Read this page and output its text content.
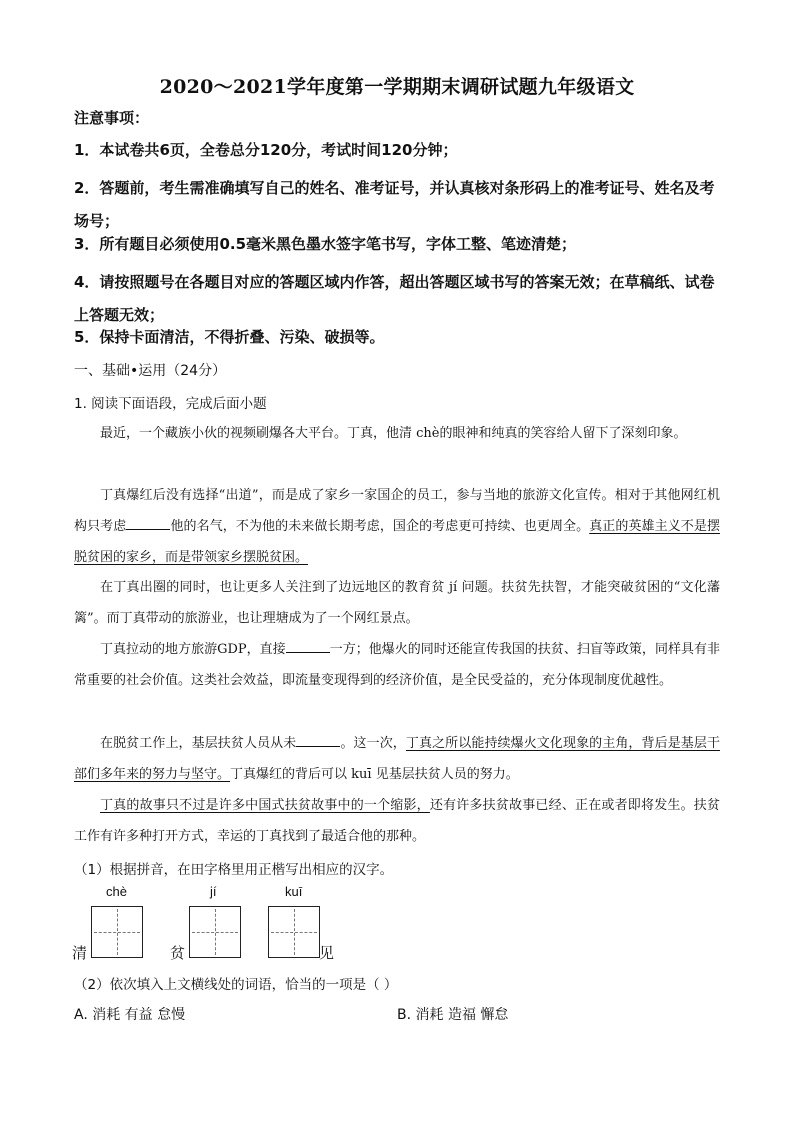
2020～2021学年度第一学期期末调研试题九年级语文
注意事项：
1．本试卷共6页，全卷总分120分，考试时间120分钟；
2．答题前，考生需准确填写自己的姓名、准考证号，并认真核对条形码上的准考证号、姓名及考场号；
3．所有题目必须使用0.5毫米黑色墨水签字笔书写，字体工整、笔迹清楚；
4．请按照题号在各题目对应的答题区域内作答，超出答题区域书写的答案无效；在草稿纸、试卷上答题无效；
5．保持卡面清洁，不得折叠、污染、破损等。
一、基础•运用（24分）
1. 阅读下面语段，完成后面小题
最近，一个藏族小伙的视频刷爆各大平台。丁真，他清 chè的眼神和纯真的笑容给人留下了深刻印象。
丁真爆红后没有选择“出道”，而是成了家乡一家国企的员工，参与当地的旅游文化宣传。相对于其他网红机构只考虑	他的名气，不为他的未来做长期考虑，国企的考虑更可持续、也更周全。真正的英雄主义不是摆脱贫困的家乡，而是带领家乡摆脱贫困。
在丁真出圈的同时，也让更多人关注到了边远地区的教育贫 jí 问题。扶贫先扶智，才能突破贫困的“文化藩篱”。而丁真带动的旅游业，也让理塘成为了一个网红景点。
丁真拉动的地方旅游GDP，直接	一方；他爆火的同时还能宣传我国的扶贫、扫盲等政策，同样具有非常重要的社会价值。这类社会效益，即流量变现得到的经济价值，是全民受益的，充分体现制度优越性。
在脱贫工作上，基层扶贫人员从未	。这一次，丁真之所以能持续爆火文化现象的主角，背后是基层干部们多年来的努力与坚守。丁真爆红的背后可以 kuī 见基层扶贫人员的努力。
丁真的故事只不过是许多中国式扶贫故事中的一个缩影，还有许多扶贫故事已经、正在或者即将发生。扶贫工作有许多种打开方式，幸运的丁真找到了最适合他的那种。
（1）根据拼音，在田字格里用正楷写出相应的汉字。
chè	jí	kuī
清	贫	见
（2）依次填入上文横线处的词语，恰当的一项是（ ）
A. 消耗 有益 怠慢	B. 消耗 造福 懈怠
